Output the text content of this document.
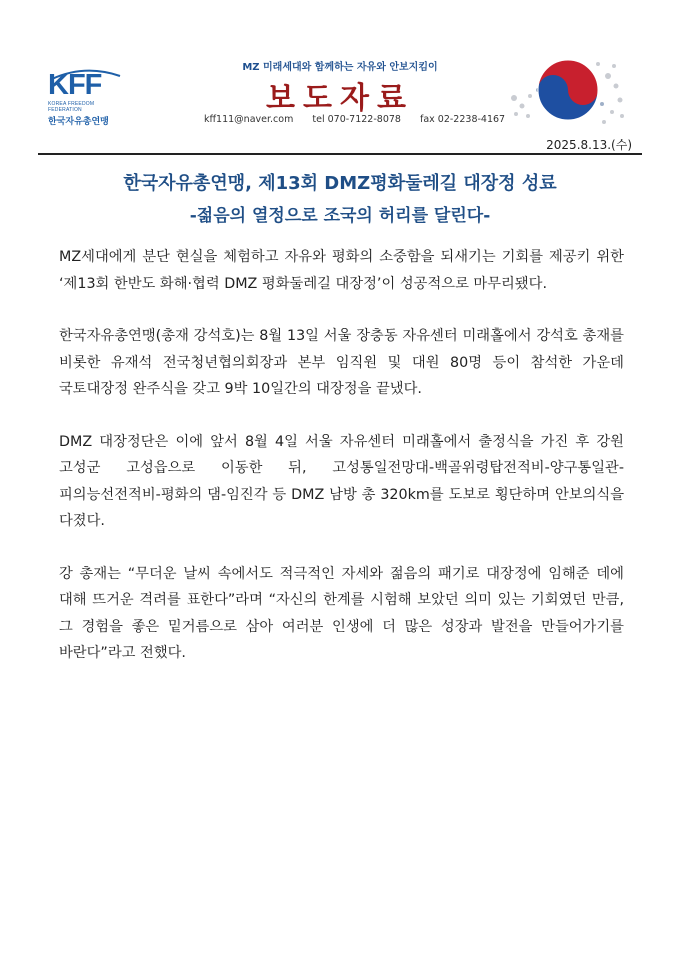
KFF
KOREA FREEDOM FEDERATION
한국자유총연맹
MZ 미래세대와 함께하는 자유와 안보지킴이
보도자료
kff111@naver.com tel 070-7122-8078 fax 02-2238-4167
2025.8.13.(수)
한국자유총연맹, 제13회 DMZ평화둘레길 대장정 성료
-젊음의 열정으로 조국의 허리를 달린다-

MZ세대에게 분단 현실을 체험하고 자유와 평화의 소중함을 되새기는 기회를 제공키 위한 ‘제13회 한반도 화해·협력 DMZ 평화둘레길 대장정’이 성공적으로 마무리됐다.

한국자유총연맹(총재 강석호)는 8월 13일 서울 장충동 자유센터 미래홀에서 강석호 총재를 비롯한 유재석 전국청년협의회장과 본부 임직원 및 대원 80명 등이 참석한 가운데 국토대장정 완주식을 갖고 9박 10일간의 대장정을 끝냈다.

DMZ 대장정단은 이에 앞서 8월 4일 서울 자유센터 미래홀에서 출정식을 가진 후 강원 고성군 고성읍으로 이동한 뒤, 고성통일전망대-백골위령탑전적비-양구통일관-피의능선전적비-평화의 댐-임진각 등 DMZ 남방 총 320km를 도보로 횡단하며 안보의식을 다졌다.

강 총재는 “무더운 날씨 속에서도 적극적인 자세와 젊음의 패기로 대장정에 임해준 데에 대해 뜨거운 격려를 표한다”라며 “자신의 한계를 시험해 보았던 의미 있는 기회였던 만큼, 그 경험을 좋은 밑거름으로 삼아 여러분 인생에 더 많은 성장과 발전을 만들어가기를 바란다”라고 전했다.
